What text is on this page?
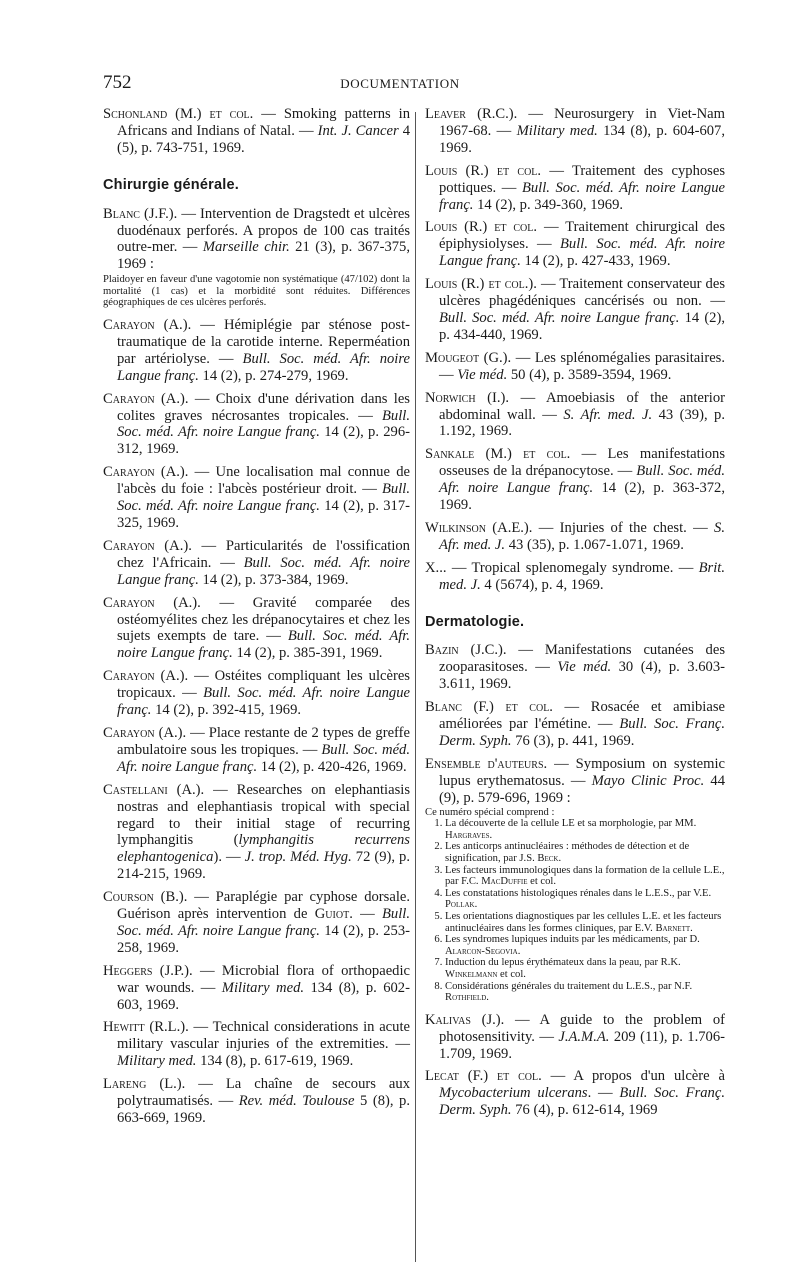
752	DOCUMENTATION

Schonland (M.) et col. — Smoking patterns in Africans and Indians of Natal. — Int. J. Cancer 4 (5), p. 743-751, 1969.

Chirurgie générale.

Blanc (J.F.). — Intervention de Dragstedt et ulcères duodénaux perforés. A propos de 100 cas traités outre-mer. — Marseille chir. 21 (3), p. 367-375, 1969 :

Plaidoyer en faveur d'une vagotomie non systématique (47/102) dont la mortalité (1 cas) et la morbidité sont réduites. Différences géographiques de ces ulcères perforés.

Carayon (A.). — Hémiplégie par sténose post-traumatique de la carotide interne. Reperméation par artériolyse. — Bull. Soc. méd. Afr. noire Langue franç. 14 (2), p. 274-279, 1969.

Carayon (A.). — Choix d'une dérivation dans les colites graves nécrosantes tropicales. — Bull. Soc. méd. Afr. noire Langue franç. 14 (2), p. 296-312, 1969.

Carayon (A.). — Une localisation mal connue de l'abcès du foie : l'abcès postérieur droit. — Bull. Soc. méd. Afr. noire Langue franç. 14 (2), p. 317-325, 1969.

Carayon (A.). — Particularités de l'ossification chez l'Africain. — Bull. Soc. méd. Afr. noire Langue franç. 14 (2), p. 373-384, 1969.

Carayon (A.). — Gravité comparée des ostéomyélites chez les drépanocytaires et chez les sujets exempts de tare. — Bull. Soc. méd. Afr. noire Langue franç. 14 (2), p. 385-391, 1969.

Carayon (A.). — Ostéites compliquant les ulcères tropicaux. — Bull. Soc. méd. Afr. noire Langue franç. 14 (2), p. 392-415, 1969.

Carayon (A.). — Place restante de 2 types de greffe ambulatoire sous les tropiques. — Bull. Soc. méd. Afr. noire Langue franç. 14 (2), p. 420-426, 1969.

Castellani (A.). — Researches on elephantiasis nostras and elephantiasis tropical with special regard to their initial stage of recurring lymphangitis (lymphangitis recurrens elephantogenica). — J. trop. Méd. Hyg. 72 (9), p. 214-215, 1969.

Courson (B.). — Paraplégie par cyphose dorsale. Guérison après intervention de Guiot. — Bull. Soc. méd. Afr. noire Langue franç. 14 (2), p. 253-258, 1969.

Heggers (J.P.). — Microbial flora of orthopaedic war wounds. — Military med. 134 (8), p. 602-603, 1969.

Hewitt (R.L.). — Technical considerations in acute military vascular injuries of the extremities. — Military med. 134 (8), p. 617-619, 1969.

Lareng (L.). — La chaîne de secours aux polytraumatisés. — Rev. méd. Toulouse 5 (8), p. 663-669, 1969.

Leaver (R.C.). — Neurosurgery in Viet-Nam 1967-68. — Military med. 134 (8), p. 604-607, 1969.

Louis (R.) et col. — Traitement des cyphoses pottiques. — Bull. Soc. méd. Afr. noire Langue franç. 14 (2), p. 349-360, 1969.

Louis (R.) et col. — Traitement chirurgical des épiphysiolyses. — Bull. Soc. méd. Afr. noire Langue franç. 14 (2), p. 427-433, 1969.

Louis (R.) et col.). — Traitement conservateur des ulcères phagédéniques cancérisés ou non. — Bull. Soc. méd. Afr. noire Langue franç. 14 (2), p. 434-440, 1969.

Mougeot (G.). — Les splénomégalies parasitaires. — Vie méd. 50 (4), p. 3589-3594, 1969.

Norwich (I.). — Amoebiasis of the anterior abdominal wall. — S. Afr. med. J. 43 (39), p. 1.192, 1969.

Sankale (M.) et col. — Les manifestations osseuses de la drépanocytose. — Bull. Soc. méd. Afr. noire Langue franç. 14 (2), p. 363-372, 1969.

Wilkinson (A.E.). — Injuries of the chest. — S. Afr. med. J. 43 (35), p. 1.067-1.071, 1969.

X... — Tropical splenomegaly syndrome. — Brit. med. J. 4 (5674), p. 4, 1969.

Dermatologie.

Bazin (J.C.). — Manifestations cutanées des zooparasitoses. — Vie méd. 30 (4), p. 3.603-3.611, 1969.

Blanc (F.) et col. — Rosacée et amibiase améliorées par l'émétine. — Bull. Soc. Franç. Derm. Syph. 76 (3), p. 441, 1969.

Ensemble d'auteurs. — Symposium on systemic lupus erythematosus. — Mayo Clinic Proc. 44 (9), p. 579-696, 1969 :

Ce numéro spécial comprend :

1. La découverte de la cellule LE et sa morphologie, par MM. Hargraves.
2. Les anticorps antinucléaires : méthodes de détection et de signification, par J.S. Beck.
3. Les facteurs immunologiques dans la formation de la cellule L.E., par F.C. MacDuffie et col.
4. Les constatations histologiques rénales dans le L.E.S., par V.E. Pollak.
5. Les orientations diagnostiques par les cellules L.E. et les facteurs antinucléaires dans les formes cliniques, par E.V. Barnett.
6. Les syndromes lupiques induits par les médicaments, par D. Alarcon-Segovia.
7. Induction du lepus érythémateux dans la peau, par R.K. Winkelmann et col.
8. Considérations générales du traitement du L.E.S., par N.F. Rothfield.

Kalivas (J.). — A guide to the problem of photosensitivity. — J.A.M.A. 209 (11), p. 1.706-1.709, 1969.

Lecat (F.) et col. — A propos d'un ulcère à Mycobacterium ulcerans. — Bull. Soc. Franç. Derm. Syph. 76 (4), p. 612-614, 1969
